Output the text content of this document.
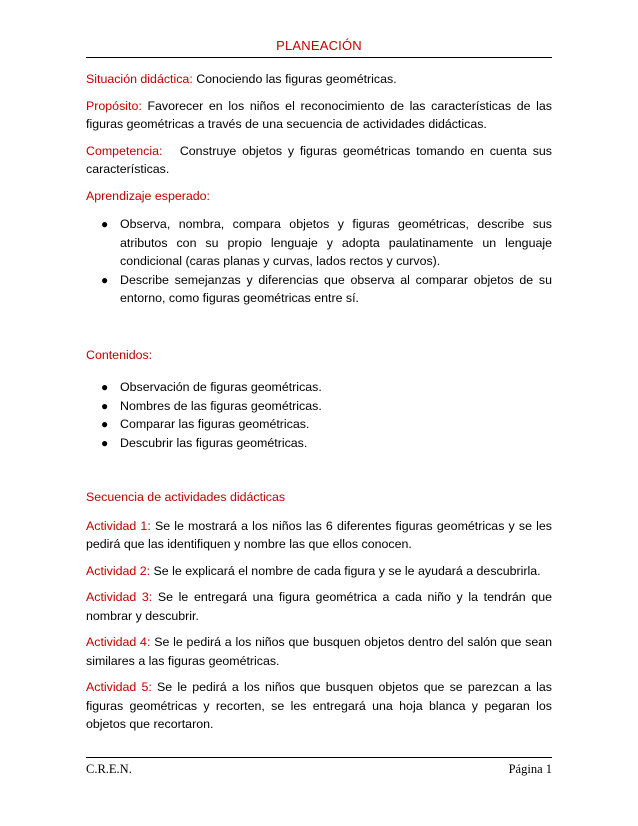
PLANEACIÓN

Situación didáctica: Conociendo las figuras geométricas.

Propósito: Favorecer en los niños el reconocimiento de las características de las figuras geométricas a través de una secuencia de actividades didácticas.

Competencia:   Construye objetos y figuras geométricas tomando en cuenta sus características.

Aprendizaje esperado:

● Observa, nombra, compara objetos y figuras geométricas, describe sus atributos con su propio lenguaje y adopta paulatinamente un lenguaje condicional (caras planas y curvas, lados rectos y curvos).
● Describe semejanzas y diferencias que observa al comparar objetos de su entorno, como figuras geométricas entre sí.

Contenidos:

● Observación de figuras geométricas.
● Nombres de las figuras geométricas.
● Comparar las figuras geométricas.
● Descubrir las figuras geométricas.

Secuencia de actividades didácticas

Actividad 1: Se le mostrará a los niños las 6 diferentes figuras geométricas y se les pedirá que las identifiquen y nombre las que ellos conocen.

Actividad 2: Se le explicará el nombre de cada figura y se le ayudará a descubrirla.

Actividad 3: Se le entregará una figura geométrica a cada niño y la tendrán que nombrar y descubrir.

Actividad 4: Se le pedirá a los niños que busquen objetos dentro del salón que sean similares a las figuras geométricas.

Actividad 5: Se le pedirá a los niños que busquen objetos que se parezcan a las figuras geométricas y recorten, se les entregará una hoja blanca y pegaran los objetos que recortaron.

C.R.E.N.	Página 1
